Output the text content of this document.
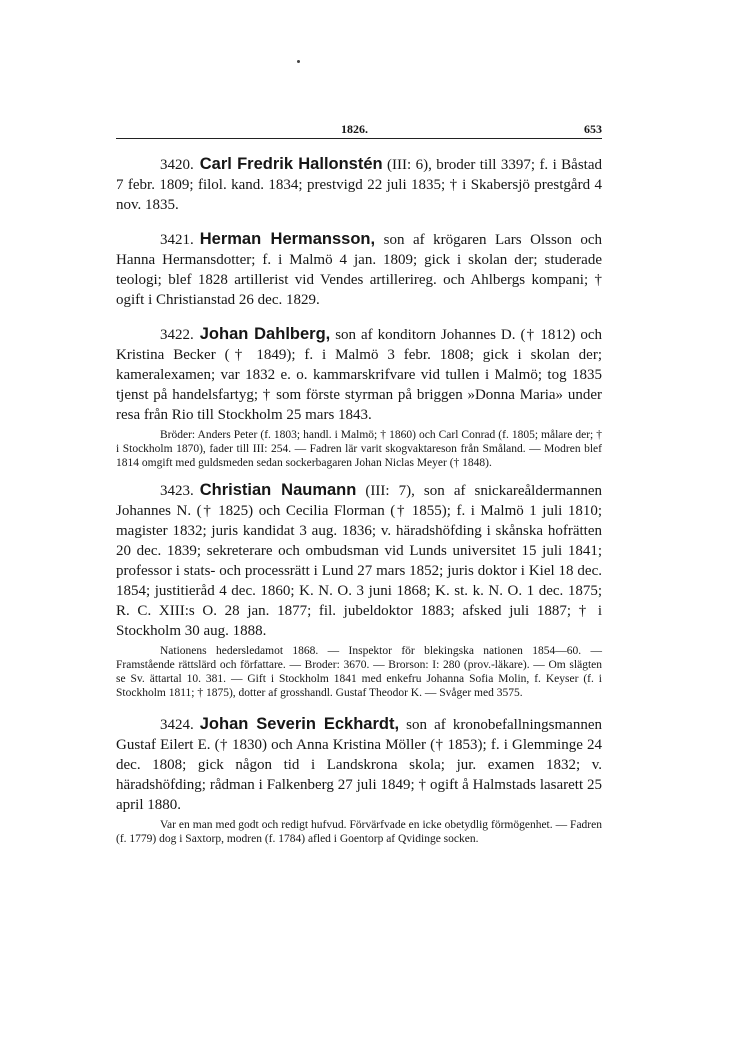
1826.	653

3420. Carl Fredrik Hallonstén (III: 6), broder till 3397; f. i Båstad 7 febr. 1809; filol. kand. 1834; prestvigd 22 juli 1835; † i Skabersjö prestgård 4 nov. 1835.

3421. Herman Hermansson, son af krögaren Lars Olsson och Hanna Hermansdotter; f. i Malmö 4 jan. 1809; gick i skolan der; studerade teologi; blef 1828 artillerist vid Vendes artillerireg. och Ahlbergs kompani; † ogift i Christianstad 26 dec. 1829.

3422. Johan Dahlberg, son af konditorn Johannes D. († 1812) och Kristina Becker († 1849); f. i Malmö 3 febr. 1808; gick i skolan der; kameralexamen; var 1832 e. o. kammarskrifvare vid tullen i Malmö; tog 1835 tjenst på handelsfartyg; † som förste styrman på briggen »Donna Maria» under resa från Rio till Stockholm 25 mars 1843.

Bröder: Anders Peter (f. 1803; handl. i Malmö; † 1860) och Carl Conrad (f. 1805; målare der; † i Stockholm 1870), fader till III: 254. — Fadren lär varit skogvaktareson från Småland. — Modren blef 1814 omgift med guldsmeden sedan sockerbagaren Johan Niclas Meyer († 1848).

3423. Christian Naumann (III: 7), son af snickareåldermannen Johannes N. († 1825) och Cecilia Florman († 1855); f. i Malmö 1 juli 1810; magister 1832; juris kandidat 3 aug. 1836; v. häradshöfding i skånska hofrätten 20 dec. 1839; sekreterare och ombudsman vid Lunds universitet 15 juli 1841; professor i stats- och processrätt i Lund 27 mars 1852; juris doktor i Kiel 18 dec. 1854; justitieråd 4 dec. 1860; K. N. O. 3 juni 1868; K. st. k. N. O. 1 dec. 1875; R. C. XIII:s O. 28 jan. 1877; fil. jubeldoktor 1883; afsked juli 1887; † i Stockholm 30 aug. 1888.

Nationens hedersledamot 1868. — Inspektor för blekingska nationen 1854—60. — Framstående rättslärd och författare. — Broder: 3670. — Brorson: I: 280 (prov.-läkare). — Om slägten se Sv. ättartal 10. 381. — Gift i Stockholm 1841 med enkefru Johanna Sofia Molin, f. Keyser (f. i Stockholm 1811; † 1875), dotter af grosshandl. Gustaf Theodor K. — Svåger med 3575.

3424. Johan Severin Eckhardt, son af kronobefallningsmannen Gustaf Eilert E. († 1830) och Anna Kristina Möller († 1853); f. i Glemminge 24 dec. 1808; gick någon tid i Landskrona skola; jur. examen 1832; v. häradshöfding; rådman i Falkenberg 27 juli 1849; † ogift å Halmstads lasarett 25 april 1880.

Var en man med godt och redigt hufvud. Förvärfvade en icke obetydlig förmögenhet. — Fadren (f. 1779) dog i Saxtorp, modren (f. 1784) afled i Goentorp af Qvidinge socken.
